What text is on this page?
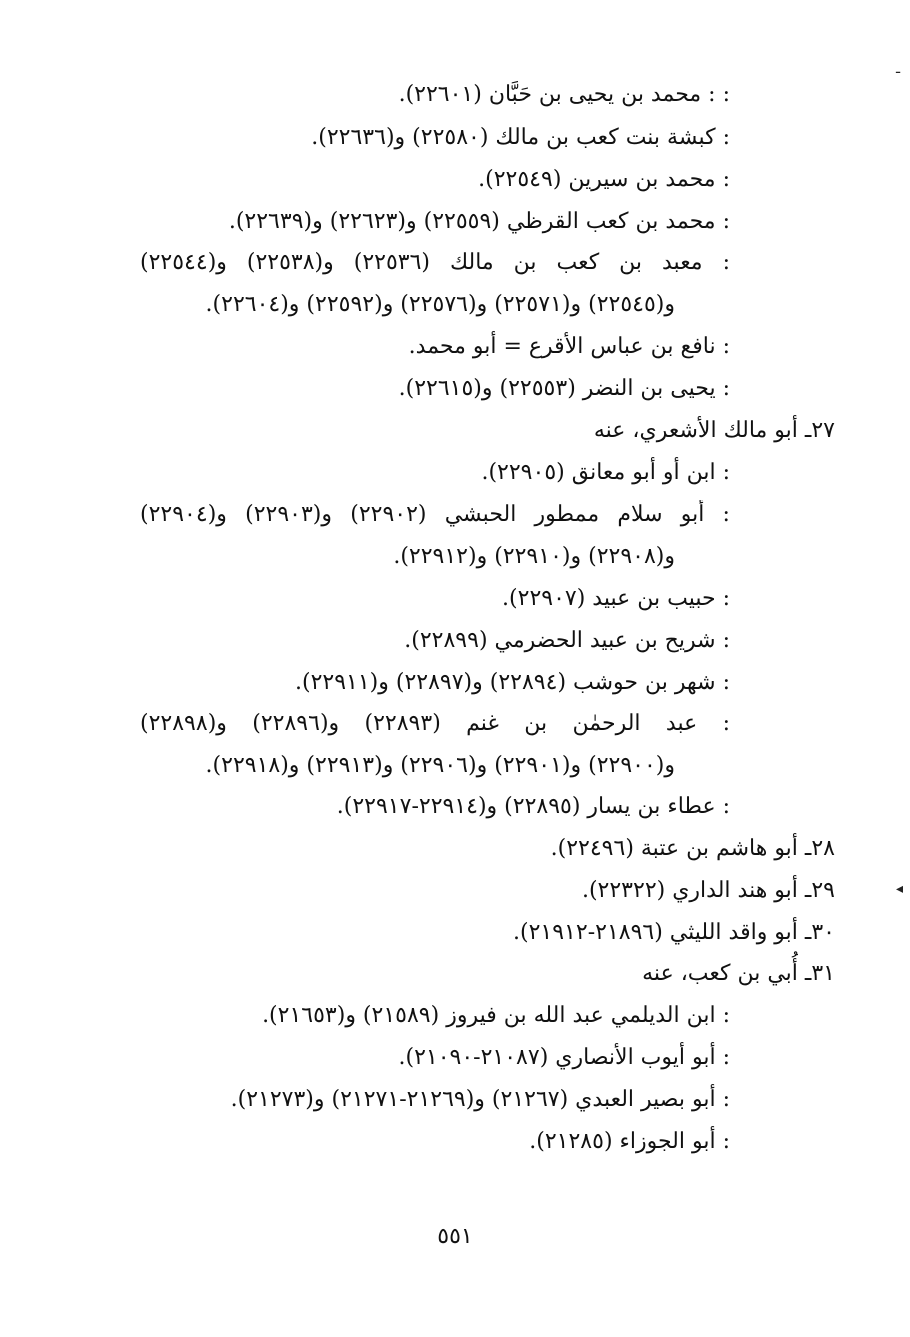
: : محمد بن يحيى بن حَبَّان (٢٢٦٠١).
: كبشة بنت كعب بن مالك (٢٢٥٨٠) و(٢٢٦٣٦).
: محمد بن سيرين (٢٢٥٤٩).
: محمد بن كعب القرظي (٢٢٥٥٩) و(٢٢٦٢٣) و(٢٢٦٣٩).
: معبد بن كعب بن مالك (٢٢٥٣٦) و(٢٢٥٣٨) و(٢٢٥٤٤)
و(٢٢٥٤٥) و(٢٢٥٧١) و(٢٢٥٧٦) و(٢٢٥٩٢) و(٢٢٦٠٤).
: نافع بن عباس الأقرع = أبو محمد.
: يحيى بن النضر (٢٢٥٥٣) و(٢٢٦١٥).
٢٧ـ أبو مالك الأشعري، عنه
: ابن أو أبو معانق (٢٢٩٠٥).
: أبو سلام ممطور الحبشي (٢٢٩٠٢) و(٢٢٩٠٣) و(٢٢٩٠٤)
و(٢٢٩٠٨) و(٢٢٩١٠) و(٢٢٩١٢).
: حبيب بن عبيد (٢٢٩٠٧).
: شريح بن عبيد الحضرمي (٢٢٨٩٩).
: شهر بن حوشب (٢٢٨٩٤) و(٢٢٨٩٧) و(٢٢٩١١).
: عبد الرحمٰن بن غنم (٢٢٨٩٣) و(٢٢٨٩٦) و(٢٢٨٩٨)
و(٢٢٩٠٠) و(٢٢٩٠١) و(٢٢٩٠٦) و(٢٢٩١٣) و(٢٢٩١٨).
: عطاء بن يسار (٢٢٨٩٥) و(٢٢٩١٤-٢٢٩١٧).
٢٨ـ أبو هاشم بن عتبة (٢٢٤٩٦).
٢٩ـ أبو هند الداري (٢٢٣٢٢).
٣٠ـ أبو واقد الليثي (٢١٨٩٦-٢١٩١٢).
٣١ـ أُبي بن كعب، عنه
: ابن الديلمي عبد الله بن فيروز (٢١٥٨٩) و(٢١٦٥٣).
: أبو أيوب الأنصاري (٢١٠٨٧-٢١٠٩٠).
: أبو بصير العبدي (٢١٢٦٧) و(٢١٢٦٩-٢١٢٧١) و(٢١٢٧٣).
: أبو الجوزاء (٢١٢٨٥).
٥٥١
ـ
◂
